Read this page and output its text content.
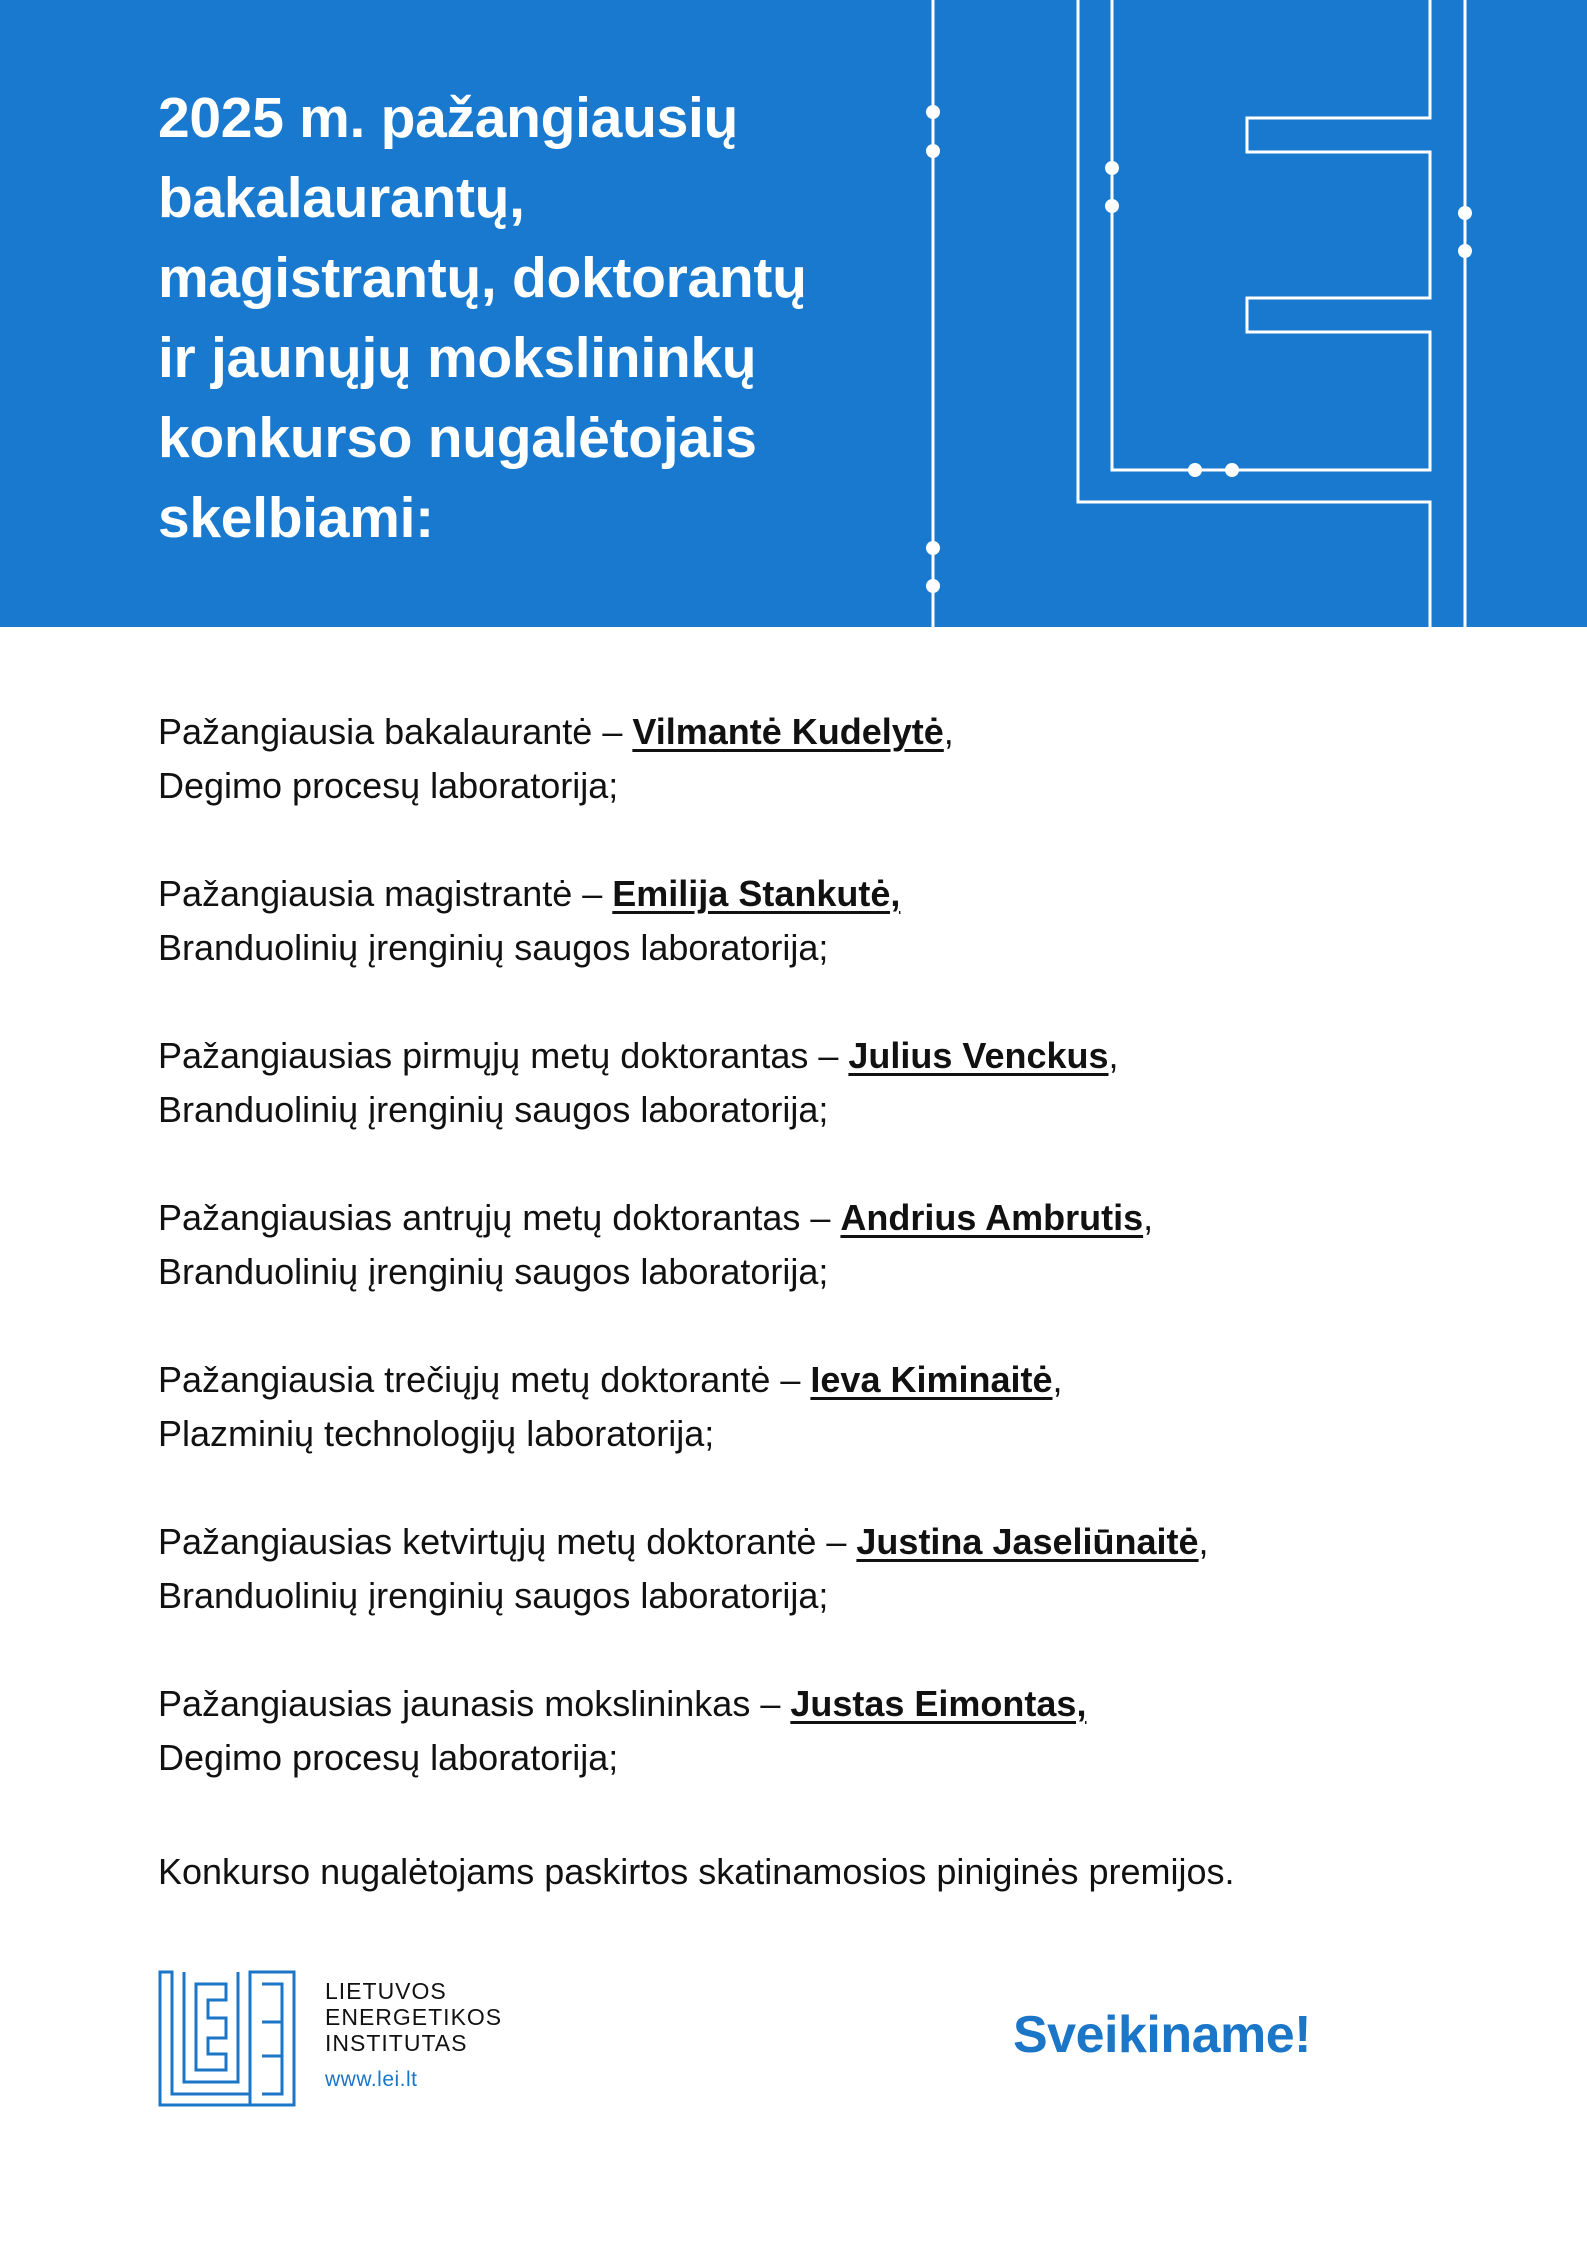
2025 m. pažangiausių
bakalaurantų,
magistrantų, doktorantų
ir jaunųjų mokslininkų
konkurso nugalėtojais
skelbiami:
Pažangiausia bakalaurantė – Vilmantė Kudelytė,
Degimo procesų laboratorija;
Pažangiausia magistrantė – Emilija Stankutė,
Branduolinių įrenginių saugos laboratorija;
Pažangiausias pirmųjų metų doktorantas – Julius Venckus,
Branduolinių įrenginių saugos laboratorija;
Pažangiausias antrųjų metų doktorantas – Andrius Ambrutis,
Branduolinių įrenginių saugos laboratorija;
Pažangiausia trečiųjų metų doktorantė – Ieva Kiminaitė,
Plazminių technologijų laboratorija;
Pažangiausias ketvirtųjų metų doktorantė – Justina Jaseliūnaitė,
Branduolinių įrenginių saugos laboratorija;
Pažangiausias jaunasis mokslininkas – Justas Eimontas,
Degimo procesų laboratorija;

Konkurso nugalėtojams paskirtos skatinamosios piniginės premijos.

LIETUVOS
ENERGETIKOS
INSTITUTAS
www.lei.lt

Sveikiname!
